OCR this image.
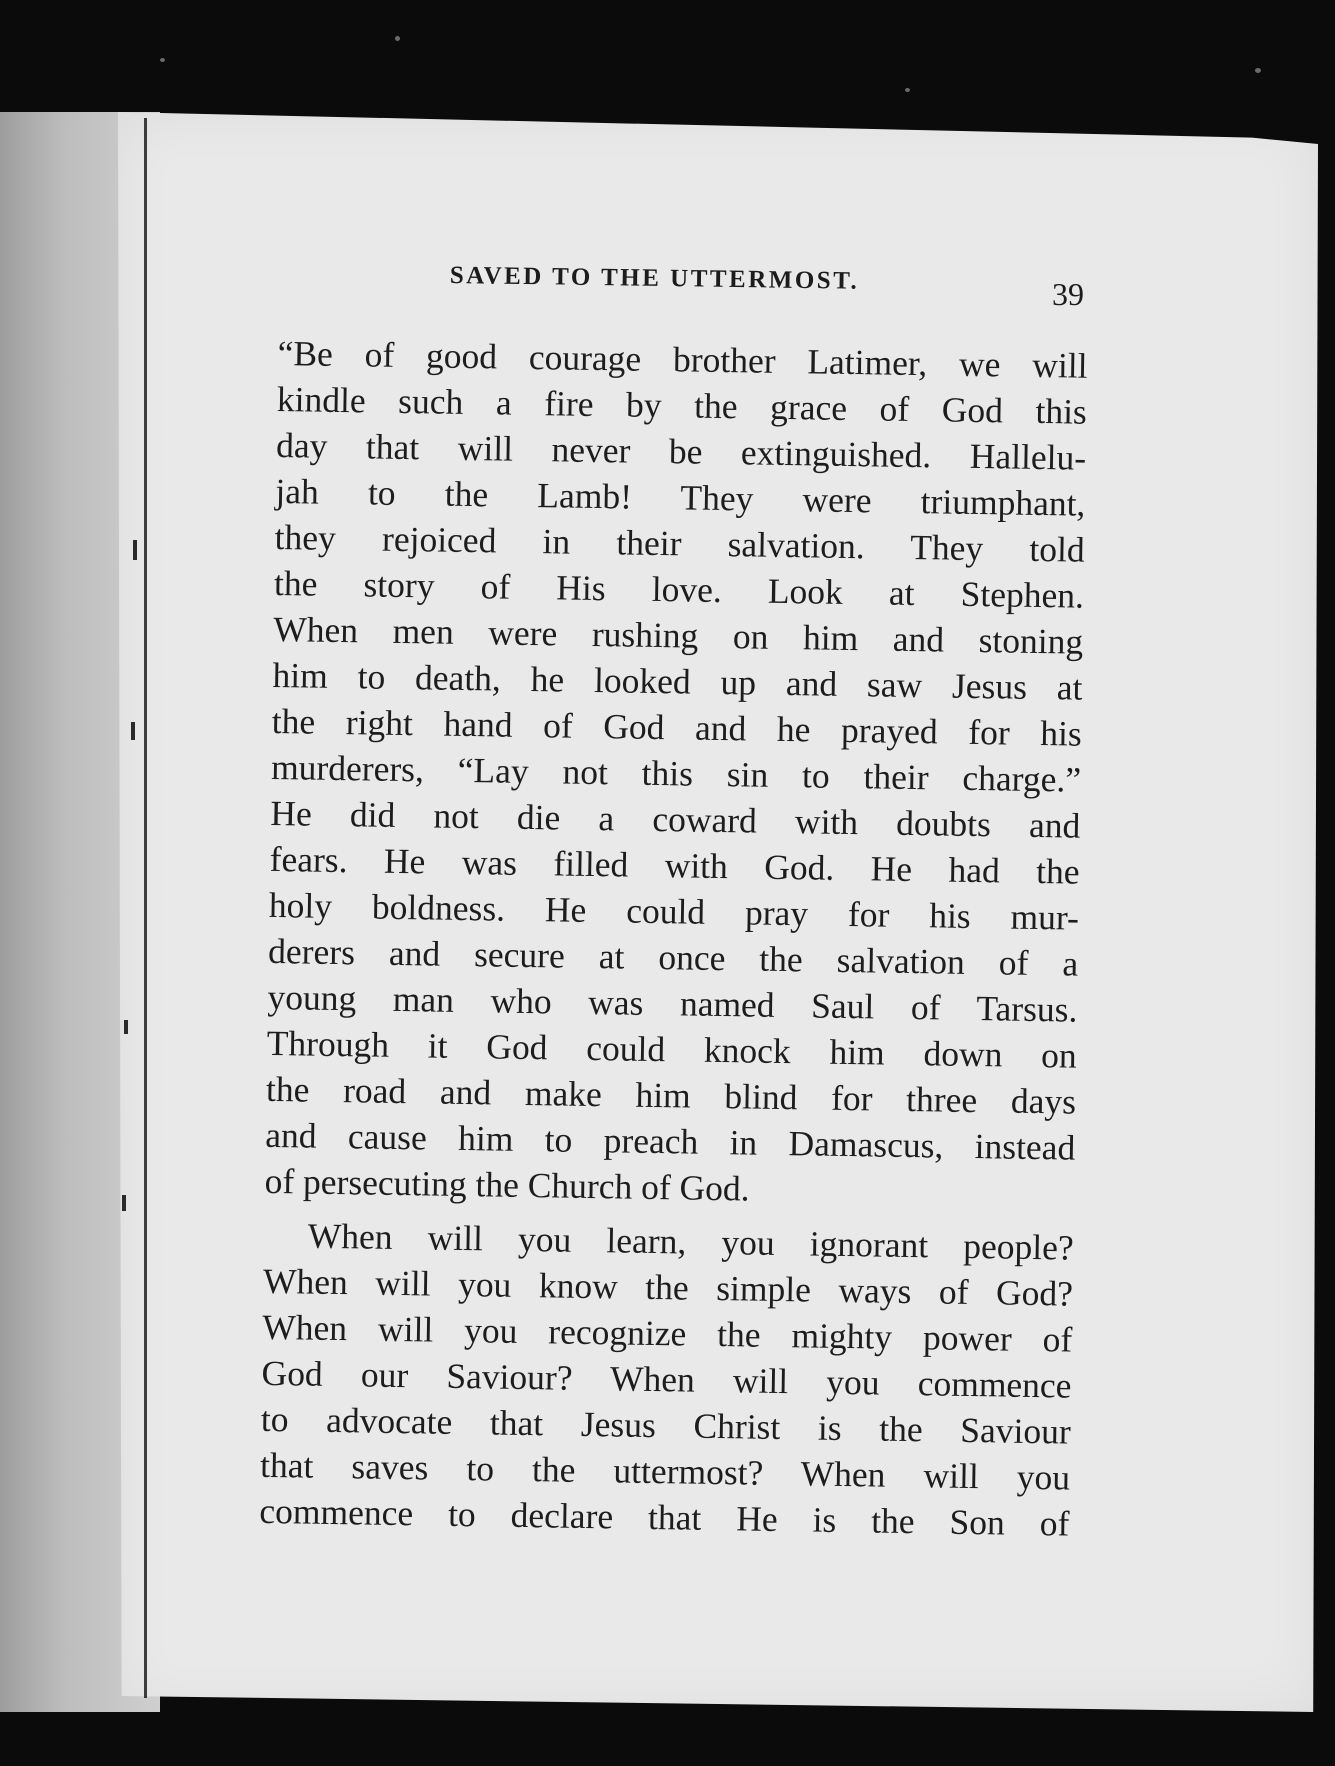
SAVED TO THE UTTERMOST.	39
“Be of good courage brother Latimer, we will
kindle such a fire by the grace of God this
day that will never be extinguished. Hallelu-
jah to the Lamb! They were triumphant,
they rejoiced in their salvation. They told
the story of His love. Look at Stephen.
When men were rushing on him and stoning
him to death, he looked up and saw Jesus at
the right hand of God and he prayed for his
murderers, “Lay not this sin to their charge.”
He did not die a coward with doubts and
fears. He was filled with God. He had the
holy boldness. He could pray for his mur-
derers and secure at once the salvation of a
young man who was named Saul of Tarsus.
Through it God could knock him down on
the road and make him blind for three days
and cause him to preach in Damascus, instead
of persecuting the Church of God.
When will you learn, you ignorant people?
When will you know the simple ways of God?
When will you recognize the mighty power of
God our Saviour? When will you commence
to advocate that Jesus Christ is the Saviour
that saves to the uttermost? When will you
commence to declare that He is the Son of
